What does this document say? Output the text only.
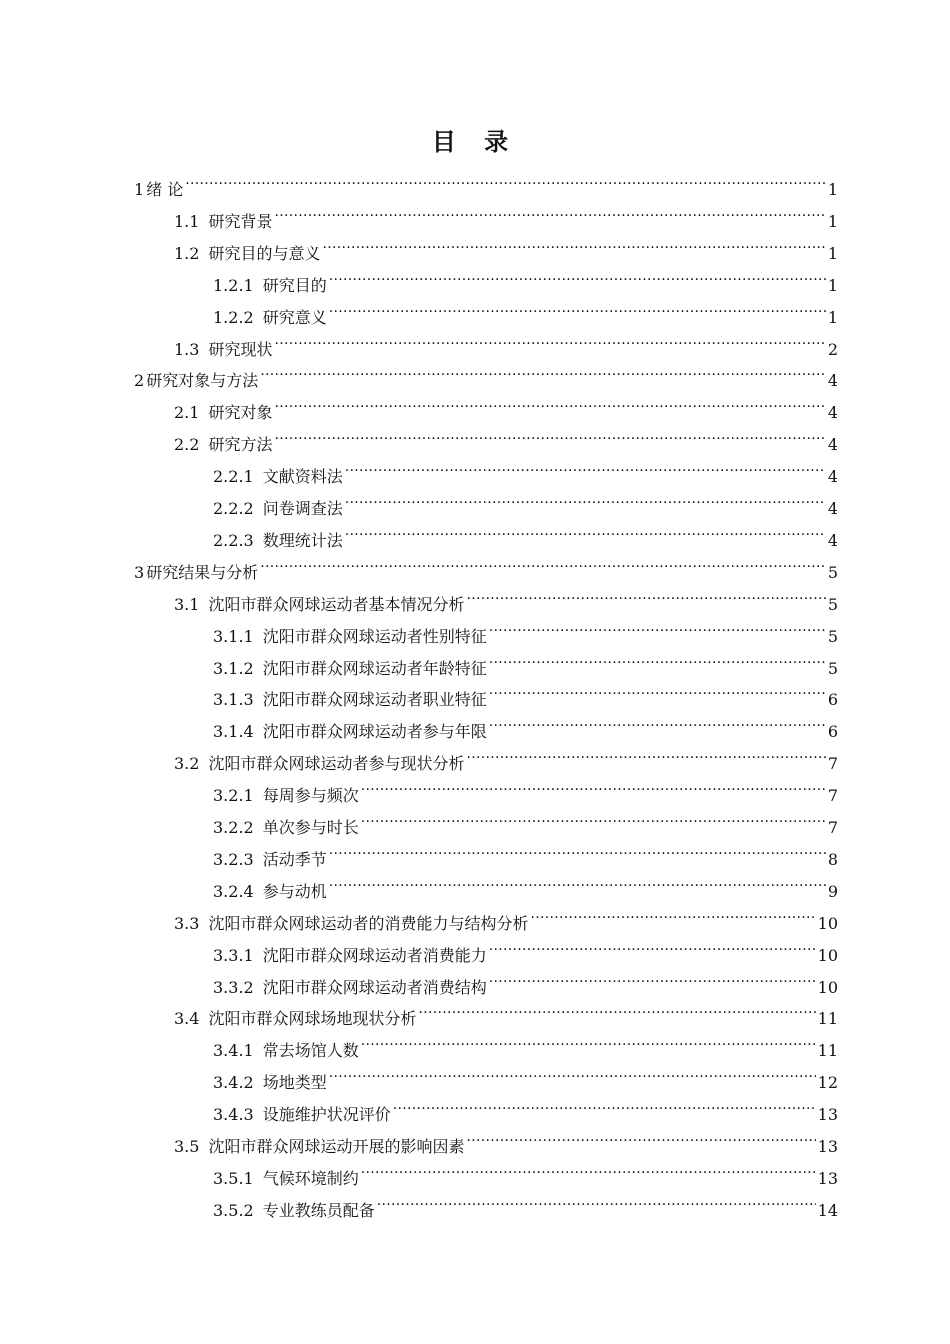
目 录
1 绪 论 .....	1
1.1 研究背景 .....	1
1.2 研究目的与意义 .....	1
1.2.1 研究目的 .....	1
1.2.2 研究意义 .....	1
1.3 研究现状 .....	2
2 研究对象与方法 .....	4
2.1 研究对象 .....	4
2.2 研究方法 .....	4
2.2.1 文献资料法 .....	4
2.2.2 问卷调查法 .....	4
2.2.3 数理统计法 .....	4
3 研究结果与分析 .....	5
3.1 沈阳市群众网球运动者基本情况分析 .....	5
3.1.1 沈阳市群众网球运动者性别特征 .....	5
3.1.2 沈阳市群众网球运动者年龄特征 .....	5
3.1.3 沈阳市群众网球运动者职业特征 .....	6
3.1.4 沈阳市群众网球运动者参与年限 .....	6
3.2 沈阳市群众网球运动者参与现状分析 .....	7
3.2.1 每周参与频次 .....	7
3.2.2 单次参与时长 .....	7
3.2.3 活动季节 .....	8
3.2.4 参与动机 .....	9
3.3 沈阳市群众网球运动者的消费能力与结构分析 .....	10
3.3.1 沈阳市群众网球运动者消费能力 .....	10
3.3.2 沈阳市群众网球运动者消费结构 .....	10
3.4 沈阳市群众网球场地现状分析 .....	11
3.4.1 常去场馆人数 .....	11
3.4.2 场地类型 .....	12
3.4.3 设施维护状况评价 .....	13
3.5 沈阳市群众网球运动开展的影响因素 .....	13
3.5.1 气候环境制约 .....	13
3.5.2 专业教练员配备 .....	14
